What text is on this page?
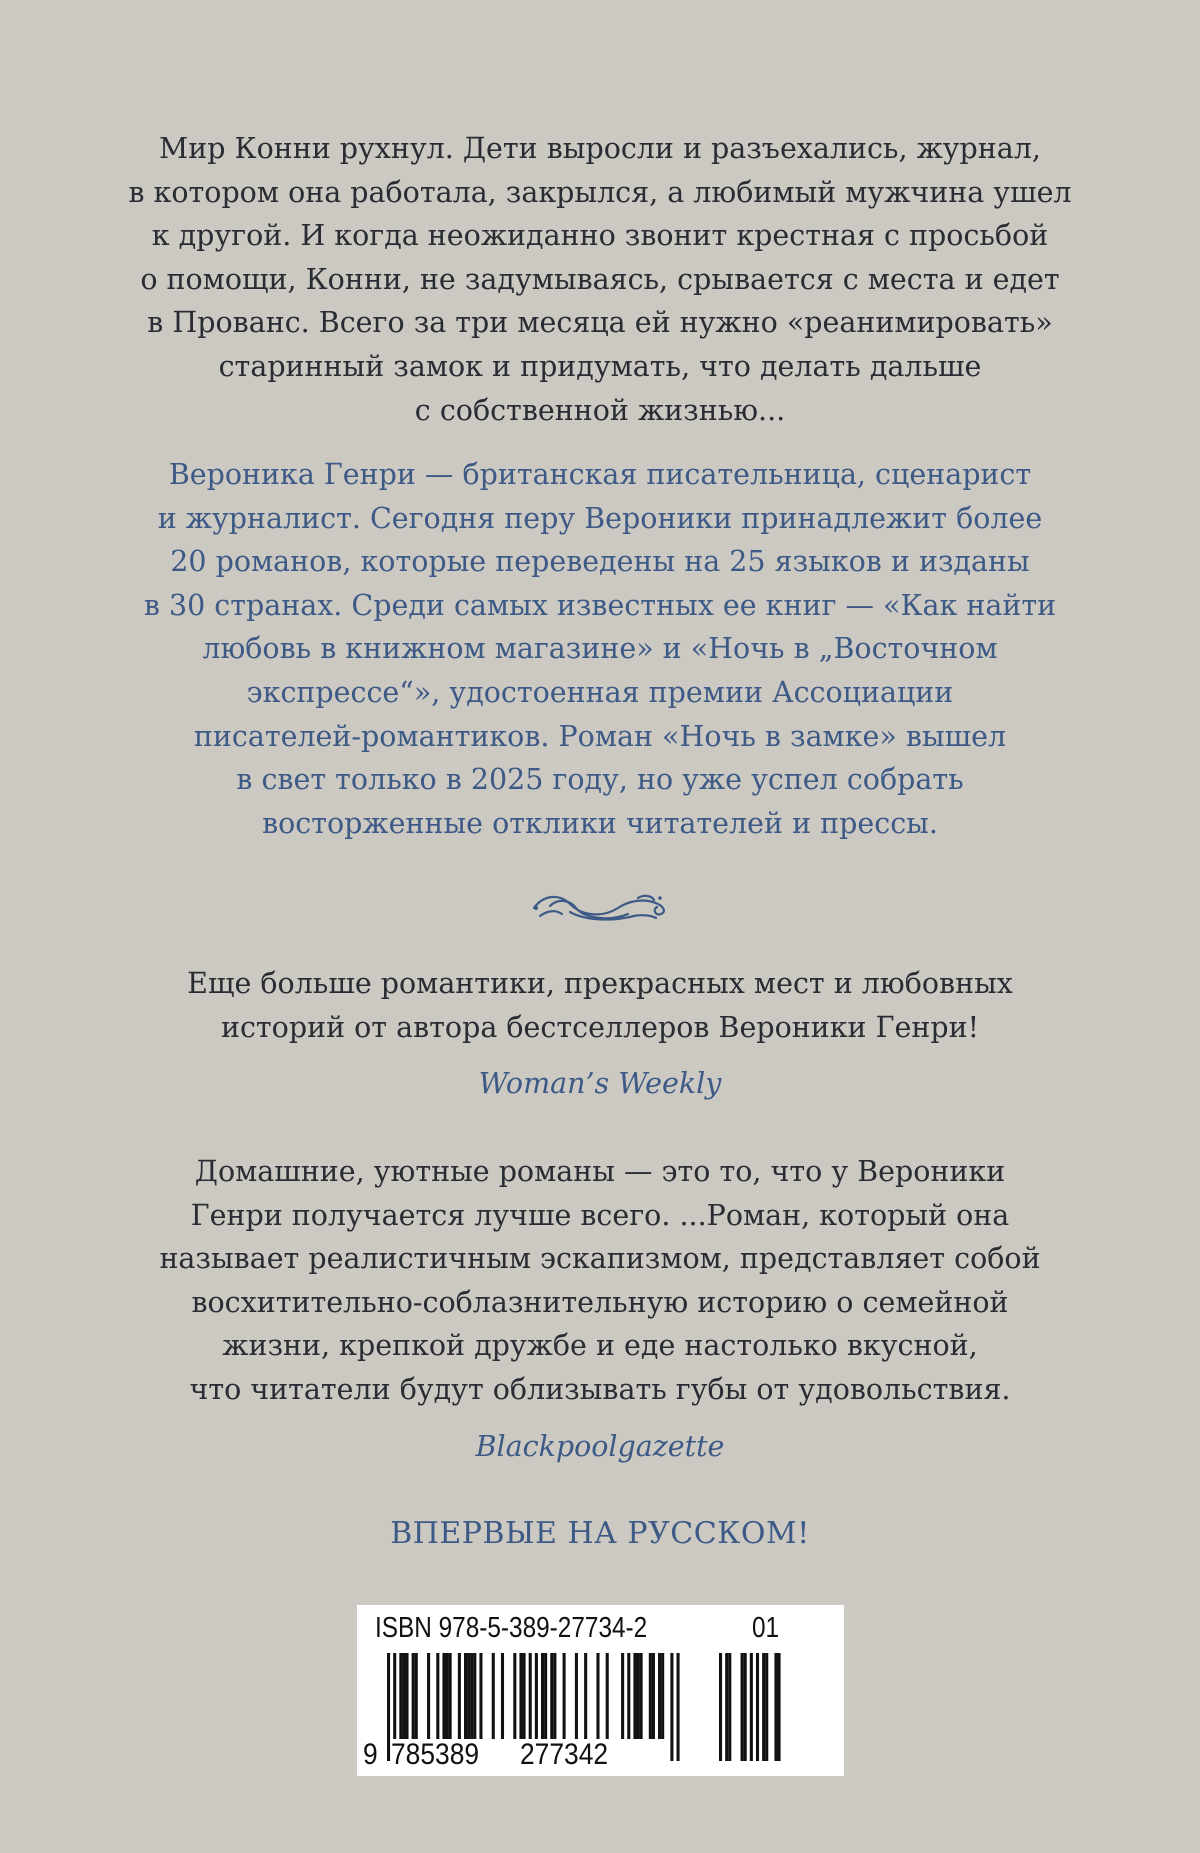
Мир Конни рухнул. Дети выросли и разъехались, журнал,
в котором она работала, закрылся, а любимый мужчина ушел
к другой. И когда неожиданно звонит крестная с просьбой
о помощи, Конни, не задумываясь, срывается с места и едет
в Прованс. Всего за три месяца ей нужно «реанимировать»
старинный замок и придумать, что делать дальше
с собственной жизнью...
Вероника Генри — британская писательница, сценарист
и журналист. Сегодня перу Вероники принадлежит более
20 романов, которые переведены на 25 языков и изданы
в 30 странах. Среди самых известных ее книг — «Как найти
любовь в книжном магазине» и «Ночь в „Восточном
экспрессе“», удостоенная премии Ассоциации
писателей-романтиков. Роман «Ночь в замке» вышел
в свет только в 2025 году, но уже успел собрать
восторженные отклики читателей и прессы.
Еще больше романтики, прекрасных мест и любовных
историй от автора бестселлеров Вероники Генри!

Woman’s Weekly

Домашние, уютные романы — это то, что у Вероники
Генри получается лучше всего. ...Роман, который она
называет реалистичным эскапизмом, представляет собой
восхитительно-соблазнительную историю о семейной
жизни, крепкой дружбе и еде настолько вкусной,
что читатели будут облизывать губы от удовольствия.

Blackpoolgazette

ВПЕРВЫЕ НА РУССКОМ!

ISBN 978-5-389-27734-2	01
9 785389 277342
